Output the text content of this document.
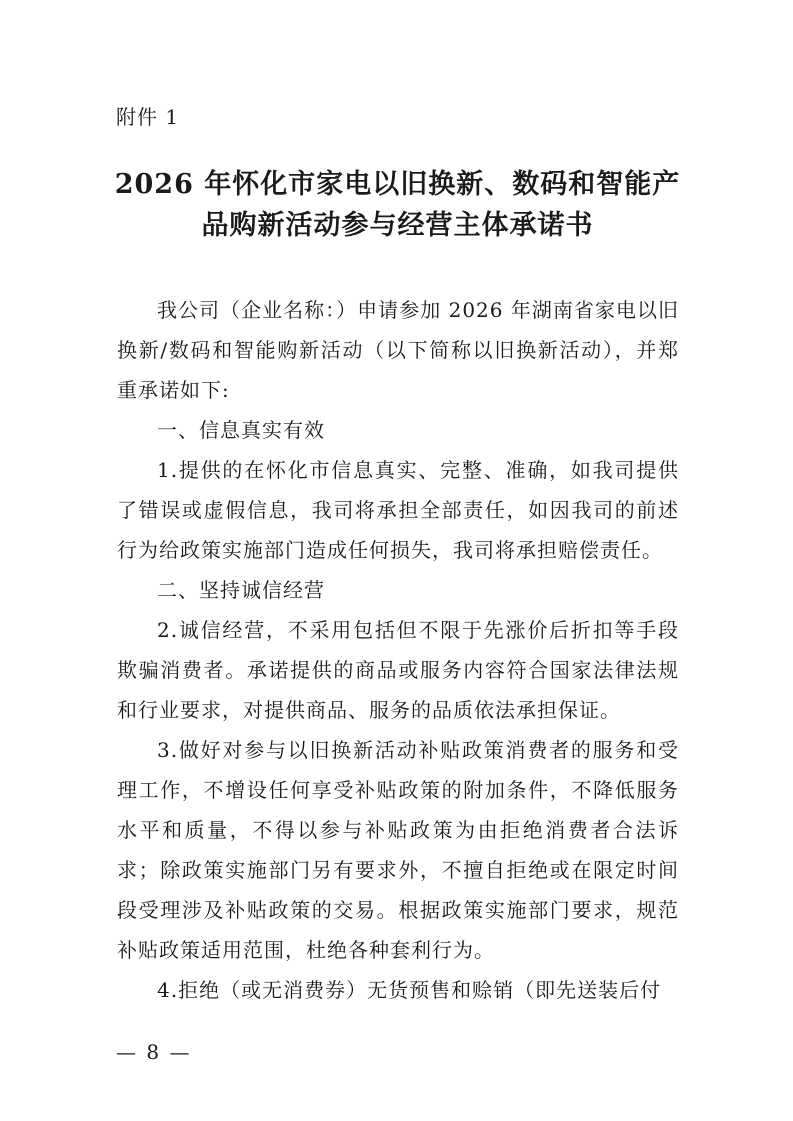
附件 1
2026 年怀化市家电以旧换新、数码和智能产
品购新活动参与经营主体承诺书

我公司（企业名称：）申请参加 2026 年湖南省家电以旧换新/数码和智能购新活动（以下简称以旧换新活动），并郑重承诺如下:

一、信息真实有效

1.提供的在怀化市信息真实、完整、准确，如我司提供了错误或虚假信息，我司将承担全部责任，如因我司的前述行为给政策实施部门造成任何损失，我司将承担赔偿责任。

二、坚持诚信经营

2.诚信经营，不采用包括但不限于先涨价后折扣等手段欺骗消费者。承诺提供的商品或服务内容符合国家法律法规和行业要求，对提供商品、服务的品质依法承担保证。

3.做好对参与以旧换新活动补贴政策消费者的服务和受理工作，不增设任何享受补贴政策的附加条件，不降低服务水平和质量，不得以参与补贴政策为由拒绝消费者合法诉求；除政策实施部门另有要求外，不擅自拒绝或在限定时间段受理涉及补贴政策的交易。根据政策实施部门要求，规范补贴政策适用范围，杜绝各种套利行为。

4.拒绝（或无消费券）无货预售和赊销（即先送装后付

— 8 —
